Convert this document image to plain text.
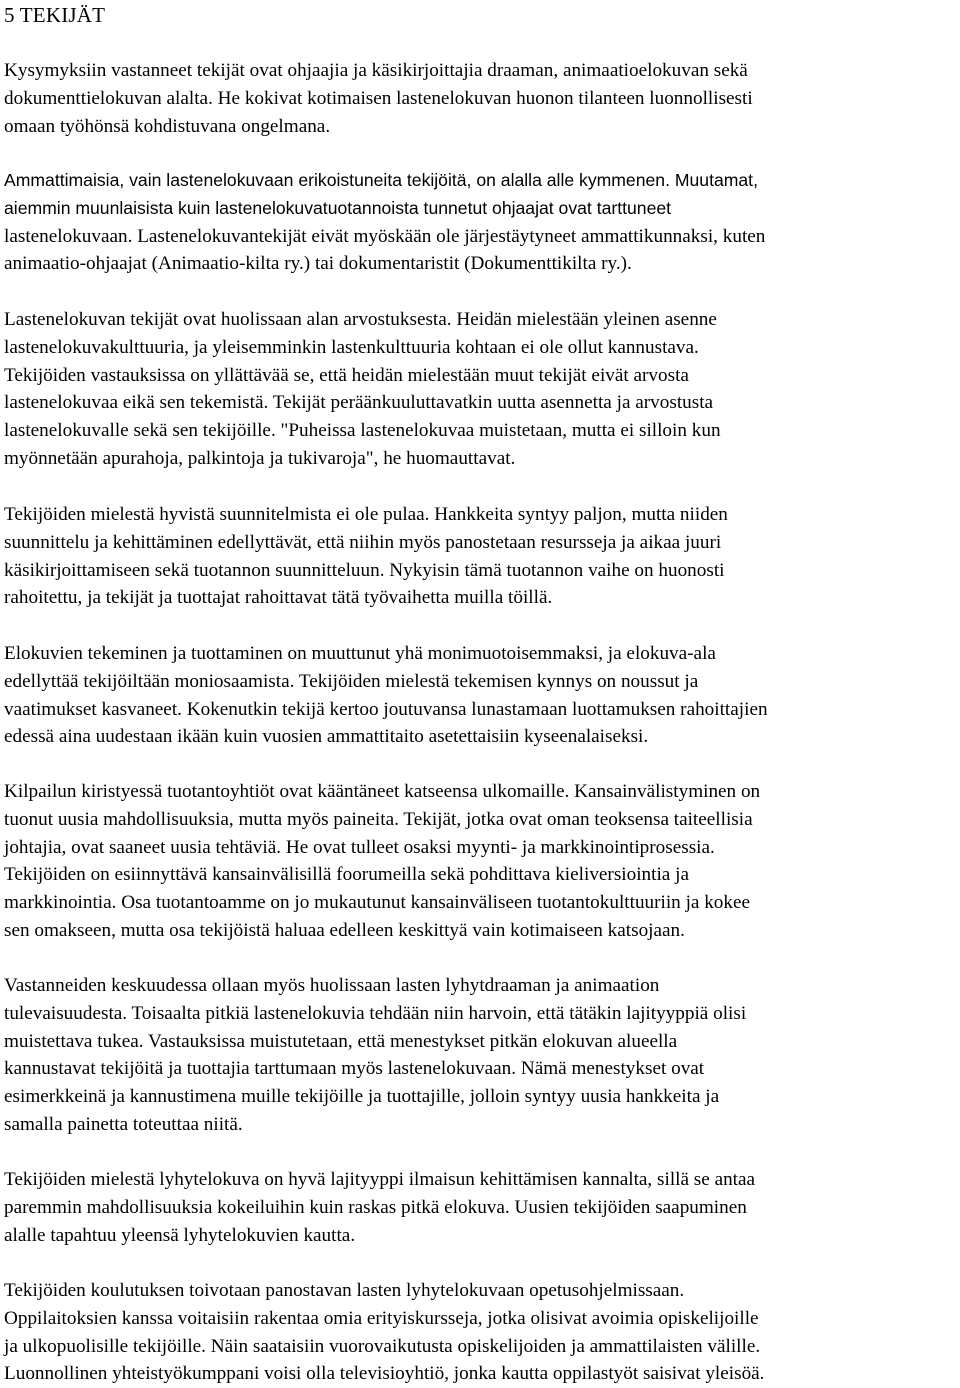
5 TEKIJÄT
Kysymyksiin vastanneet tekijät ovat ohjaajia ja käsikirjoittajia draaman, animaatioelokuvan sekä
dokumenttielokuvan alalta. He kokivat kotimaisen lastenelokuvan huonon tilanteen luonnollisesti
omaan työhönsä kohdistuvana ongelmana.
Ammattimaisia, vain lastenelokuvaan erikoistuneita tekijöitä, on alalla alle kymmenen. Muutamat,
aiemmin muunlaisista kuin lastenelokuvatuotannoista tunnetut ohjaajat ovat tarttuneet
lastenelokuvaan. Lastenelokuvantekijät eivät myöskään ole järjestäytyneet ammattikunnaksi, kuten
animaatio-ohjaajat (Animaatio-kilta ry.) tai dokumentaristit (Dokumenttikilta ry.).
Lastenelokuvan tekijät ovat huolissaan alan arvostuksesta. Heidän mielestään yleinen asenne
lastenelokuvakulttuuria, ja yleisemminkin lastenkulttuuria kohtaan ei ole ollut kannustava.
Tekijöiden vastauksissa on yllättävää se, että heidän mielestään muut tekijät eivät arvosta
lastenelokuvaa eikä sen tekemistä. Tekijät peräänkuuluttavatkin uutta asennetta ja arvostusta
lastenelokuvalle sekä sen tekijöille. "Puheissa lastenelokuvaa muistetaan, mutta ei silloin kun
myönnetään apurahoja, palkintoja ja tukivaroja", he huomauttavat.
Tekijöiden mielestä hyvistä suunnitelmista ei ole pulaa. Hankkeita syntyy paljon, mutta niiden
suunnittelu ja kehittäminen edellyttävät, että niihin myös panostetaan resursseja ja aikaa juuri
käsikirjoittamiseen sekä tuotannon suunnitteluun. Nykyisin tämä tuotannon vaihe on huonosti
rahoitettu, ja tekijät ja tuottajat rahoittavat tätä työvaihetta muilla töillä.
Elokuvien tekeminen ja tuottaminen on muuttunut yhä monimuotoisemmaksi, ja elokuva-ala
edellyttää tekijöiltään moniosaamista. Tekijöiden mielestä tekemisen kynnys on noussut ja
vaatimukset kasvaneet. Kokenutkin tekijä kertoo joutuvansa lunastamaan luottamuksen rahoittajien
edessä aina uudestaan ikään kuin vuosien ammattitaito asetettaisiin kyseenalaiseksi.
Kilpailun kiristyessä tuotantoyhtiöt ovat kääntäneet katseensa ulkomaille. Kansainvälistyminen on
tuonut uusia mahdollisuuksia, mutta myös paineita. Tekijät, jotka ovat oman teoksensa taiteellisia
johtajia, ovat saaneet uusia tehtäviä. He ovat tulleet osaksi myynti- ja markkinointiprosessia.
Tekijöiden on esiinnyttävä kansainvälisillä foorumeilla sekä pohdittava kieliversiointia ja
markkinointia. Osa tuotantoamme on jo mukautunut kansainväliseen tuotantokulttuuriin ja kokee
sen omakseen, mutta osa tekijöistä haluaa edelleen keskittyä vain kotimaiseen katsojaan.
Vastanneiden keskuudessa ollaan myös huolissaan lasten lyhytdraaman ja animaation
tulevaisuudesta. Toisaalta pitkiä lastenelokuvia tehdään niin harvoin, että tätäkin lajityyppiä olisi
muistettava tukea. Vastauksissa muistutetaan, että menestykset pitkän elokuvan alueella
kannustavat tekijöitä ja tuottajia tarttumaan myös lastenelokuvaan. Nämä menestykset ovat
esimerkkeinä ja kannustimena muille tekijöille ja tuottajille, jolloin syntyy uusia hankkeita ja
samalla painetta toteuttaa niitä.
Tekijöiden mielestä lyhytelokuva on hyvä lajityyppi ilmaisun kehittämisen kannalta, sillä se antaa
paremmin mahdollisuuksia kokeiluihin kuin raskas pitkä elokuva. Uusien tekijöiden saapuminen
alalle tapahtuu yleensä lyhytelokuvien kautta.
Tekijöiden koulutuksen toivotaan panostavan lasten lyhytelokuvaan opetusohjelmissaan.
Oppilaitoksien kanssa voitaisiin rakentaa omia erityiskursseja, jotka olisivat avoimia opiskelijoille
ja ulkopuolisille tekijöille. Näin saataisiin vuorovaikutusta opiskelijoiden ja ammattilaisten välille.
Luonnollinen yhteistyökumppani voisi olla televisioyhtiö, jonka kautta oppilastyöt saisivat yleisöä.
